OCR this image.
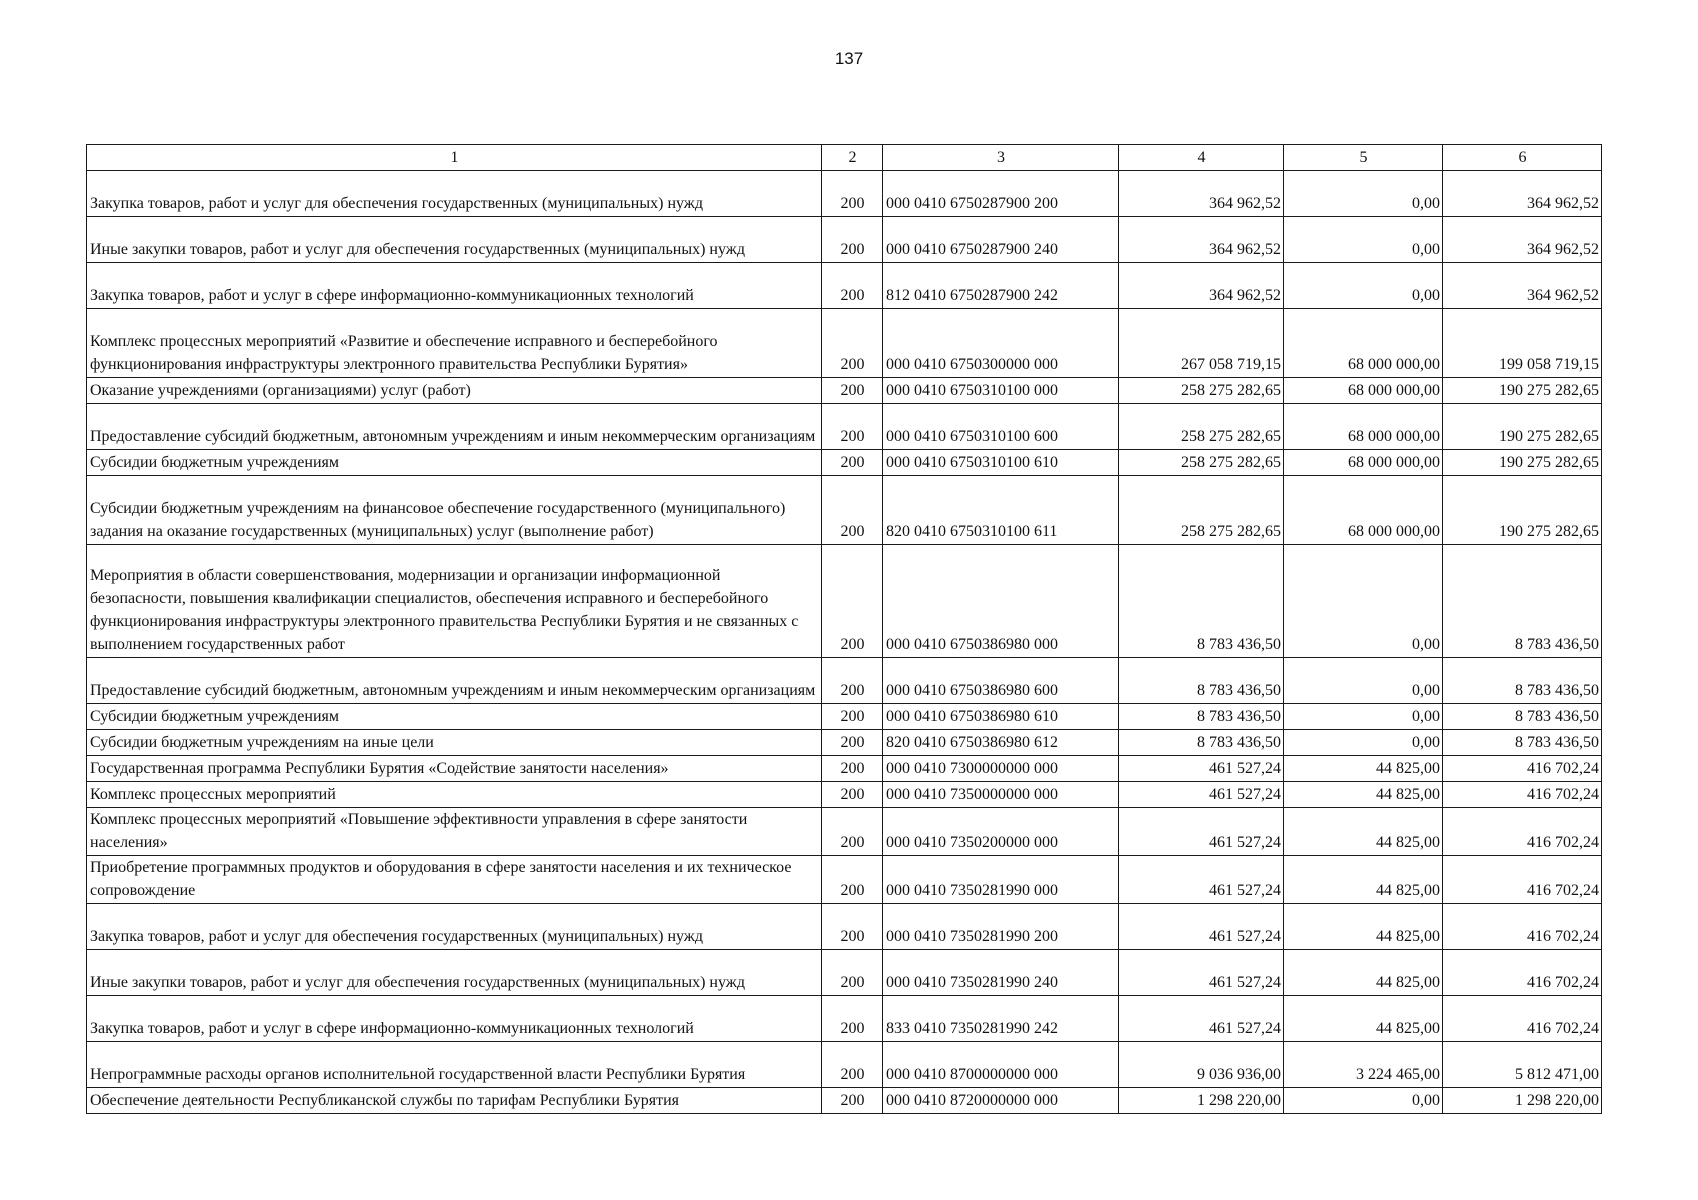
137
1	2	3	4	5	6
Закупка товаров, работ и услуг для обеспечения государственных (муниципальных) нужд	200	000 0410 6750287900 200	364 962,52	0,00	364 962,52
Иные закупки товаров, работ и услуг для обеспечения государственных (муниципальных) нужд	200	000 0410 6750287900 240	364 962,52	0,00	364 962,52
Закупка товаров, работ и услуг в сфере информационно-коммуникационных технологий	200	812 0410 6750287900 242	364 962,52	0,00	364 962,52
Комплекс процессных мероприятий «Развитие и обеспечение исправного и бесперебойного функционирования инфраструктуры электронного правительства Республики Бурятия»	200	000 0410 6750300000 000	267 058 719,15	68 000 000,00	199 058 719,15
Оказание учреждениями (организациями) услуг (работ)	200	000 0410 6750310100 000	258 275 282,65	68 000 000,00	190 275 282,65
Предоставление субсидий бюджетным, автономным учреждениям и иным некоммерческим организациям	200	000 0410 6750310100 600	258 275 282,65	68 000 000,00	190 275 282,65
Субсидии бюджетным учреждениям	200	000 0410 6750310100 610	258 275 282,65	68 000 000,00	190 275 282,65
Субсидии бюджетным учреждениям на финансовое обеспечение государственного (муниципального) задания на оказание государственных (муниципальных) услуг (выполнение работ)	200	820 0410 6750310100 611	258 275 282,65	68 000 000,00	190 275 282,65
Мероприятия в области совершенствования, модернизации и организации информационной безопасности, повышения квалификации специалистов, обеспечения исправного и бесперебойного функционирования инфраструктуры электронного правительства Республики Бурятия и не связанных с выполнением государственных работ	200	000 0410 6750386980 000	8 783 436,50	0,00	8 783 436,50
Предоставление субсидий бюджетным, автономным учреждениям и иным некоммерческим организациям	200	000 0410 6750386980 600	8 783 436,50	0,00	8 783 436,50
Субсидии бюджетным учреждениям	200	000 0410 6750386980 610	8 783 436,50	0,00	8 783 436,50
Субсидии бюджетным учреждениям на иные цели	200	820 0410 6750386980 612	8 783 436,50	0,00	8 783 436,50
Государственная программа Республики Бурятия «Содействие занятости населения»	200	000 0410 7300000000 000	461 527,24	44 825,00	416 702,24
Комплекс процессных мероприятий	200	000 0410 7350000000 000	461 527,24	44 825,00	416 702,24
Комплекс процессных мероприятий «Повышение эффективности управления в сфере занятости населения»	200	000 0410 7350200000 000	461 527,24	44 825,00	416 702,24
Приобретение программных продуктов и оборудования в сфере занятости населения и их техническое сопровождение	200	000 0410 7350281990 000	461 527,24	44 825,00	416 702,24
Закупка товаров, работ и услуг для обеспечения государственных (муниципальных) нужд	200	000 0410 7350281990 200	461 527,24	44 825,00	416 702,24
Иные закупки товаров, работ и услуг для обеспечения государственных (муниципальных) нужд	200	000 0410 7350281990 240	461 527,24	44 825,00	416 702,24
Закупка товаров, работ и услуг в сфере информационно-коммуникационных технологий	200	833 0410 7350281990 242	461 527,24	44 825,00	416 702,24
Непрограммные расходы органов исполнительной государственной власти Республики Бурятия	200	000 0410 8700000000 000	9 036 936,00	3 224 465,00	5 812 471,00
Обеспечение деятельности Республиканской службы по тарифам Республики Бурятия	200	000 0410 8720000000 000	1 298 220,00	0,00	1 298 220,00
